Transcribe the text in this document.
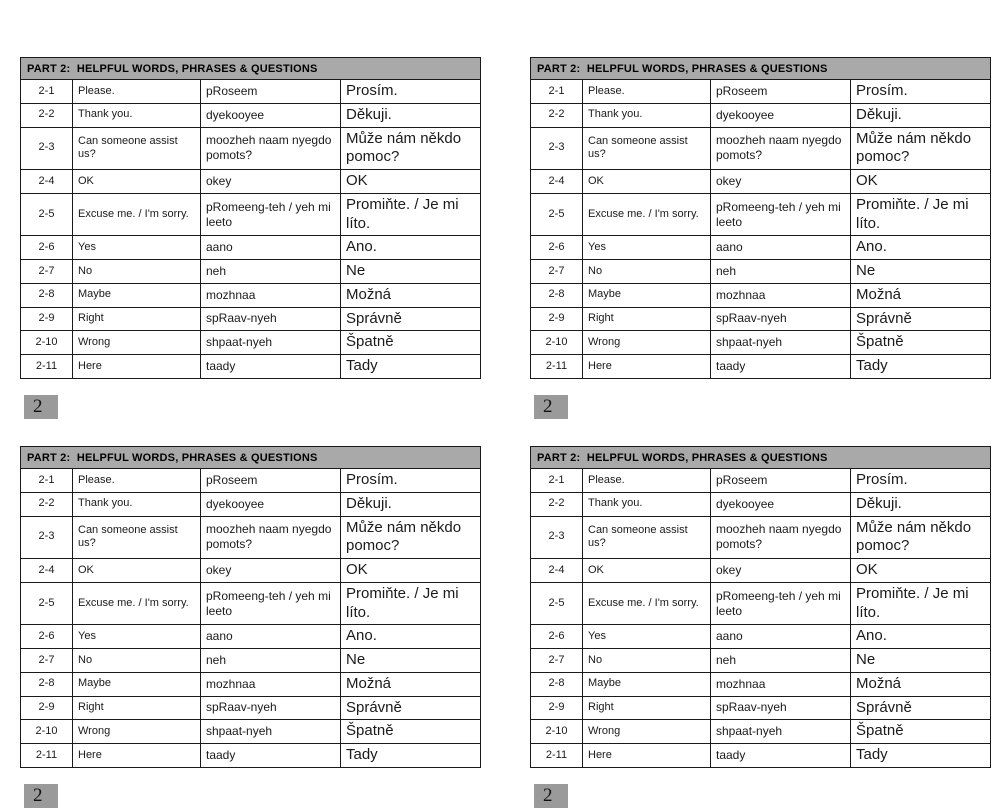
PART 2:  HELPFUL WORDS, PHRASES & QUESTIONS			
2-1	Please.	pRoseem	Prosím.
2-2	Thank you.	dyekooyee	Děkuji.
2-3	Can someone assist us?	moozheh naam nyegdo pomots?	Může nám někdo pomoc?
2-4	OK	okey	OK
2-5	Excuse me. / I'm sorry.	pRomeeng-teh / yeh mi leeto	Promiňte. / Je mi líto.
2-6	Yes	aano	Ano.
2-7	No	neh	Ne
2-8	Maybe	mozhnaa	Možná
2-9	Right	spRaav-nyeh	Správně
2-10	Wrong	shpaat-nyeh	Špatně
2-11	Here	taady	Tady
2
PART 2:  HELPFUL WORDS, PHRASES & QUESTIONS			
2-1	Please.	pRoseem	Prosím.
2-2	Thank you.	dyekooyee	Děkuji.
2-3	Can someone assist us?	moozheh naam nyegdo pomots?	Může nám někdo pomoc?
2-4	OK	okey	OK
2-5	Excuse me. / I'm sorry.	pRomeeng-teh / yeh mi leeto	Promiňte. / Je mi líto.
2-6	Yes	aano	Ano.
2-7	No	neh	Ne
2-8	Maybe	mozhnaa	Možná
2-9	Right	spRaav-nyeh	Správně
2-10	Wrong	shpaat-nyeh	Špatně
2-11	Here	taady	Tady
2
PART 2:  HELPFUL WORDS, PHRASES & QUESTIONS			
2-1	Please.	pRoseem	Prosím.
2-2	Thank you.	dyekooyee	Děkuji.
2-3	Can someone assist us?	moozheh naam nyegdo pomots?	Může nám někdo pomoc?
2-4	OK	okey	OK
2-5	Excuse me. / I'm sorry.	pRomeeng-teh / yeh mi leeto	Promiňte. / Je mi líto.
2-6	Yes	aano	Ano.
2-7	No	neh	Ne
2-8	Maybe	mozhnaa	Možná
2-9	Right	spRaav-nyeh	Správně
2-10	Wrong	shpaat-nyeh	Špatně
2-11	Here	taady	Tady
2
PART 2:  HELPFUL WORDS, PHRASES & QUESTIONS			
2-1	Please.	pRoseem	Prosím.
2-2	Thank you.	dyekooyee	Děkuji.
2-3	Can someone assist us?	moozheh naam nyegdo pomots?	Může nám někdo pomoc?
2-4	OK	okey	OK
2-5	Excuse me. / I'm sorry.	pRomeeng-teh / yeh mi leeto	Promiňte. / Je mi líto.
2-6	Yes	aano	Ano.
2-7	No	neh	Ne
2-8	Maybe	mozhnaa	Možná
2-9	Right	spRaav-nyeh	Správně
2-10	Wrong	shpaat-nyeh	Špatně
2-11	Here	taady	Tady
2
